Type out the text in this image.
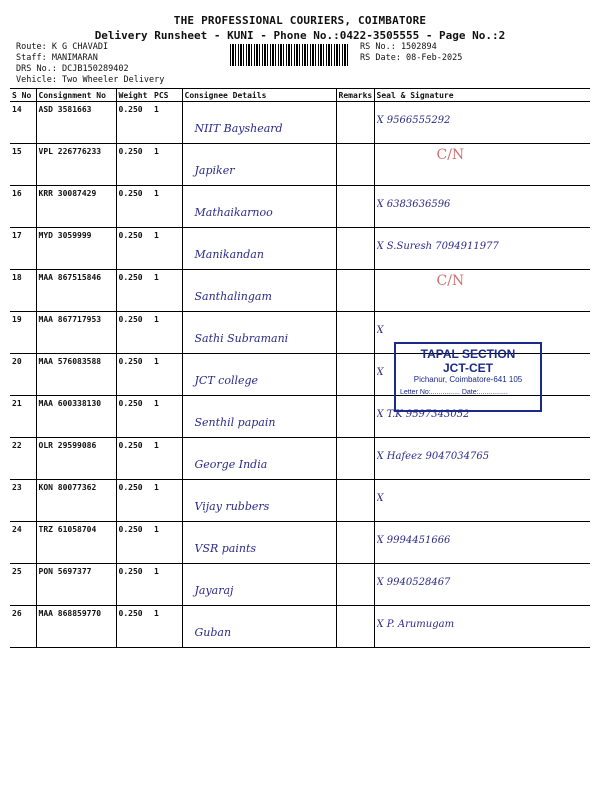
THE PROFESSIONAL COURIERS, COIMBATORE
Delivery Runsheet - KUNI - Phone No.:0422-3505555 - Page No.:2
Route: K G CHAVADI
Staff: MANIMARAN
DRS No.: DCJB150289402
Vehicle: Two Wheeler Delivery
RS No.: 1502894
RS Date: 08-Feb-2025
S No	Consignment No	Weight	PCS	Consignee Details	Remarks	Seal & Signature
14	ASD 3581663	0.250	1	NIIT Baysheard		X 9566555292

15	VPL 226776233	0.250	1	Japiker		C/N

16	KRR 30087429	0.250	1	Mathaikarnoo		X 6383636596

17	MYD 3059999	0.250	1	Manikandan		X S.Suresh 7094911977

18	MAA 867515846	0.250	1	Santhalingam		C/N

19	MAA 867717953	0.250	1	Sathi Subramani		X

20	MAA 576083588	0.250	1	JCT college		X

21	MAA 600338130	0.250	1	Senthil papain		X T.K 9597343052

22	OLR 29599086	0.250	1	George India		X Hafeez 9047034765

23	KON 80077362	0.250	1	Vijay rubbers		X

24	TRZ 61058704	0.250	1	VSR paints		X 9994451666

25	PON 5697377	0.250	1	Jayaraj		X 9940528467

26	MAA 868859770	0.250	1	Guban		X P. Arumugam
TAPAL SECTION
JCT-CET
Pichanur, Coimbatore-641 105
Letter No:............... Date:...............
